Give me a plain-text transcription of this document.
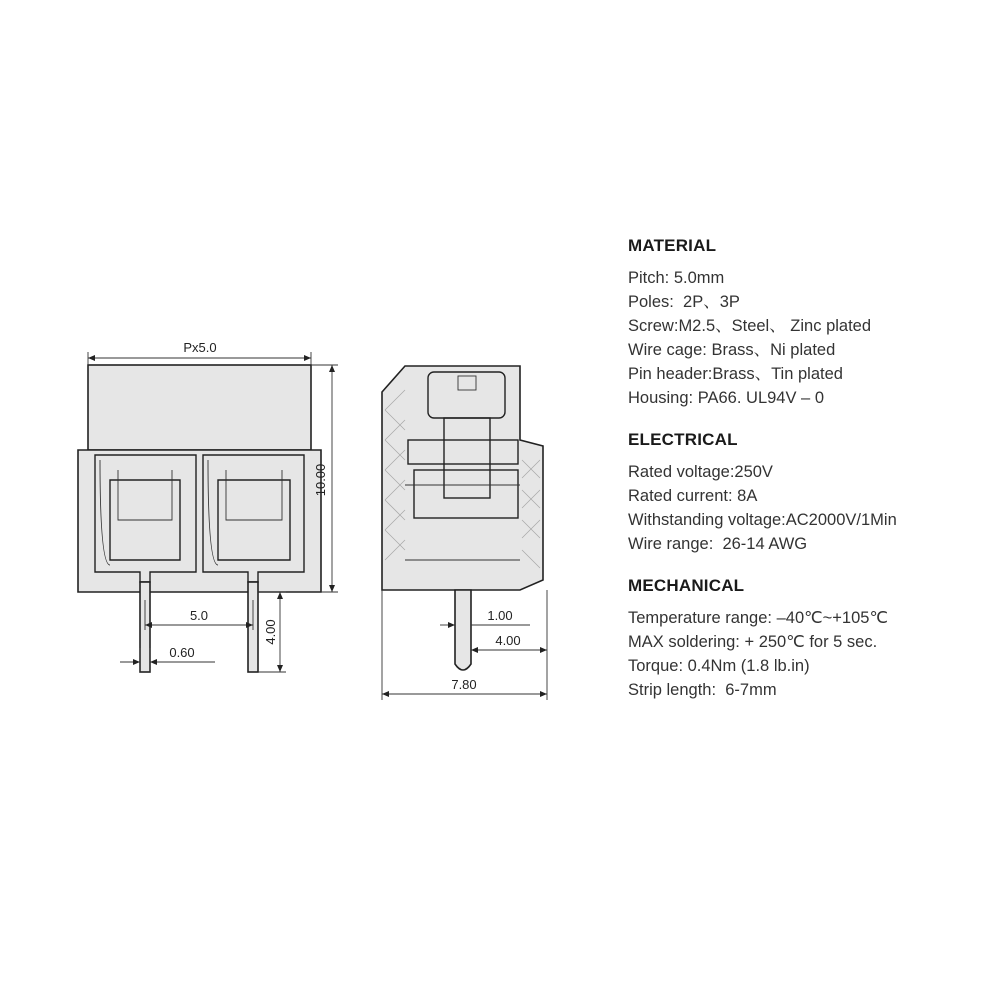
Px5.0
10.00
5.0
0.60
4.00
1.00
4.00
7.80
MATERIAL
Pitch: 5.0mm
Poles:  2P、3P
Screw:M2.5、Steel、 Zinc plated
Wire cage: Brass、Ni plated
Pin header:Brass、Tin plated
Housing: PA66. UL94V – 0
ELECTRICAL
Rated voltage:250V
Rated current: 8A
Withstanding voltage:AC2000V/1Min
Wire range:  26-14 AWG
MECHANICAL
Temperature range: –40℃~+105℃
MAX soldering: + 250℃ for 5 sec.
Torque: 0.4Nm (1.8 lb.in)
Strip length:  6-7mm
